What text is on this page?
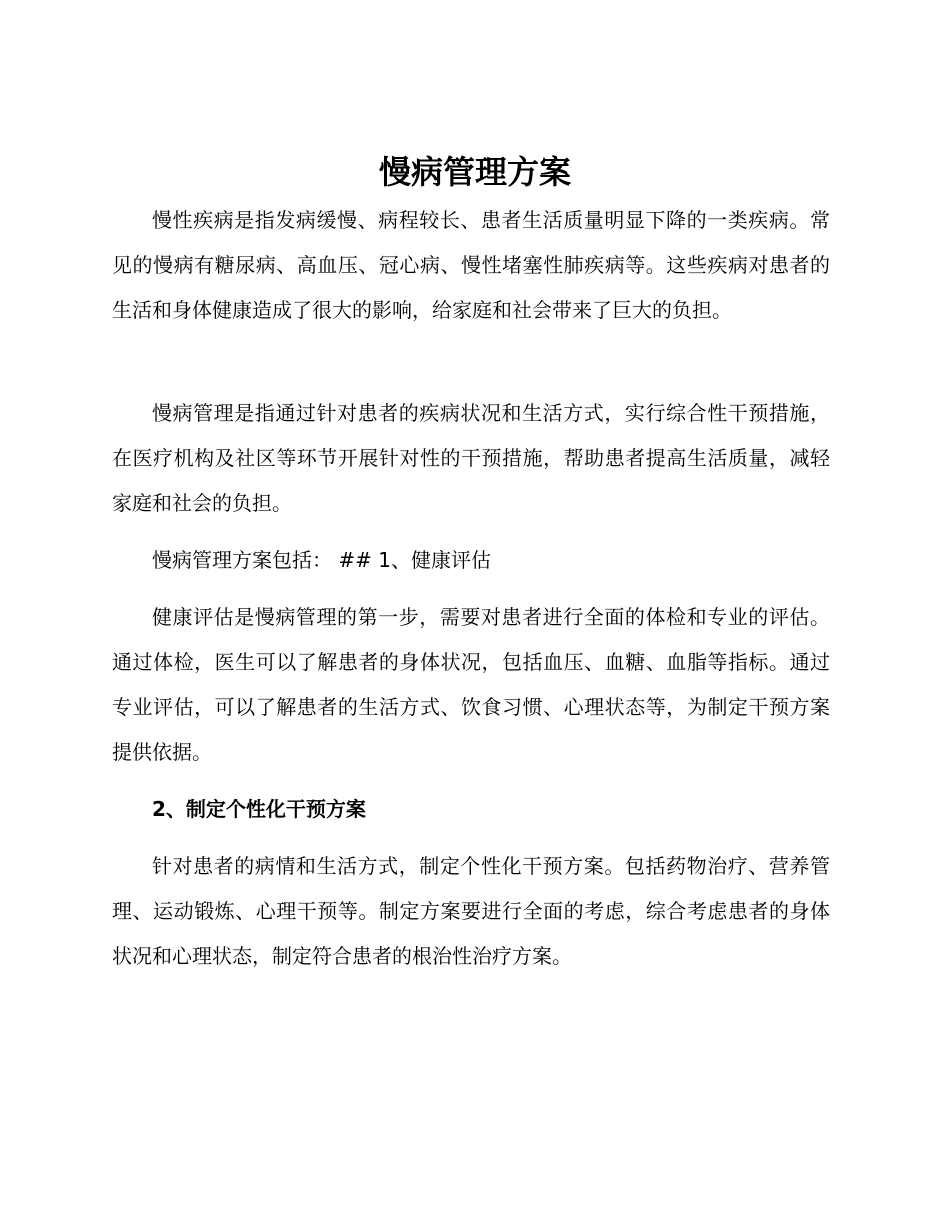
慢病管理方案

慢性疾病是指发病缓慢、病程较长、患者生活质量明显下降的一类疾病。常见的慢病有糖尿病、高血压、冠心病、慢性堵塞性肺疾病等。这些疾病对患者的生活和身体健康造成了很大的影响，给家庭和社会带来了巨大的负担。

慢病管理是指通过针对患者的疾病状况和生活方式，实行综合性干预措施，在医疗机构及社区等环节开展针对性的干预措施，帮助患者提高生活质量，减轻家庭和社会的负担。

慢病管理方案包括： ## 1、健康评估

健康评估是慢病管理的第一步，需要对患者进行全面的体检和专业的评估。通过体检，医生可以了解患者的身体状况，包括血压、血糖、血脂等指标。通过专业评估，可以了解患者的生活方式、饮食习惯、心理状态等，为制定干预方案提供依据。

2、制定个性化干预方案

针对患者的病情和生活方式，制定个性化干预方案。包括药物治疗、营养管理、运动锻炼、心理干预等。制定方案要进行全面的考虑，综合考虑患者的身体状况和心理状态，制定符合患者的根治性治疗方案。
